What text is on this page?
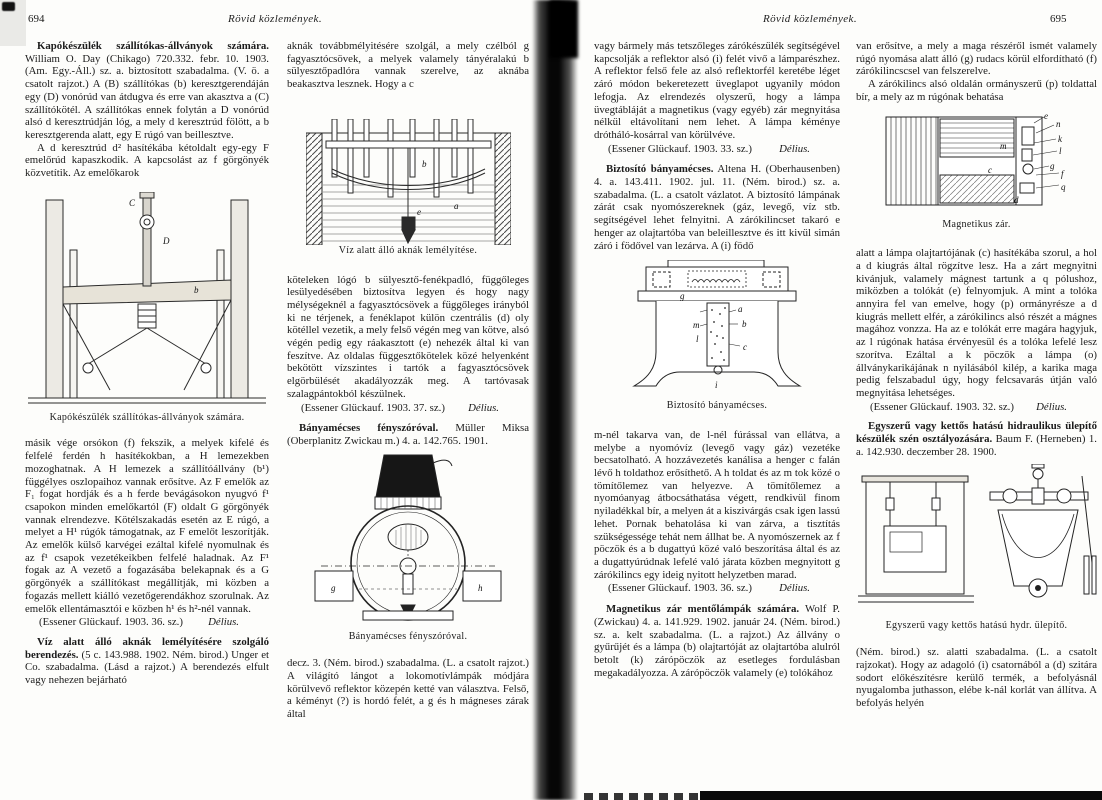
694	Rövid közlemények.	Rövid közlemények.	695

Kapókészülék szállítókas-állványok számára. William O. Day (Chikago) 720.332. febr. 10. 1903. (Am. Egy.-Áll.) sz. a. biztosított szabadalma. (V. ö. a csatolt rajzot.) A (B) szállítókas (b) keresztgerendáján egy (D) vonórúd van átdugva és erre van akasztva a (C) szállítókötél. A szállítókas ennek folytán a D vonórúd alsó d keresztrúdján lóg, a mely d keresztrúd fölött, a b keresztgerenda alatt, egy E rúgó van beillesztve.

A d keresztrúd d² hasítékába kétoldalt egy-egy F emelőrúd kapaszkodik. A kapcsolást az f görgönyék közvetítik. Az emelőkarok

C
D
b

Kapókészülék szállítókas-állványok számára.

másik vége orsókon (f) fekszik, a melyek kifelé és felfelé ferdén h hasítékokban, a H lemezekben mozoghatnak. A H lemezek a szállítóállvány (b¹) függélyes oszlopaihoz vannak erősítve. Az F emelők az F₁ fogat hordják és a h ferde bevágásokon nyugvó f¹ csapokon minden emelőkartól (F) oldalt G görgönyék vannak elrendezve. Kötélszakadás esetén az E rúgó, a melyet a H¹ rúgók támogatnak, az F emelőt leszorítják. Az emelők külső karvégei ezáltal kifelé nyomulnak és az f¹ csapok vezetékeikben felfelé haladnak. Az F¹ fogak az A vezető a fogazásába belekapnak és a G görgönyék a szállítókast megállítják, mi közben a fogazás mellett kiálló vezetőgerendákhoz szorulnak. Az emelők ellentámasztói e közben h¹ és h²-nél vannak.

(Essener Glückauf. 1903. 36. sz.) Délius.

Víz alatt álló aknák lemélyítésére szolgáló berendezés. (5 c. 143.988. 1902. Ném. birod.) Unger et Co. szabadalma. (Lásd a rajzot.) A berendezés elfult vagy nehezen bejárható

aknák továbbmélyitésére szolgál, a mely czélból g fagyasztócsövek, a melyek valamely tányéralakú b sülyesztőpadlóra vannak szerelve, az aknába beakasztva lesznek. Hogy a c

b
a
e

Víz alatt álló aknák lemélyítése.

köteleken lógó b sülyesztő-fenékpadló, függőleges lesülyedésében biztosítva legyen és hogy nagy mélységeknél a fagyasztócsövek a függőleges irányból ki ne térjenek, a fenéklapot külön czentrális (d) oly kötéllel vezetik, a mely felső végén meg van kötve, alsó végén pedig egy ráakasztott (e) nehezék által ki van feszítve. Az oldalas függesztőkötelek közé helyenként bekötött vízszintes i tartók a fagyasztócsövek elgörbülését akadályozzák meg. A tartóvasak szalagpántokból készülnek.

(Essener Glückauf. 1903. 37. sz.) Délius.

Bányamécses fényszóróval. Müller Miksa (Oberplanitz Zwickau m.) 4. a. 142.765. 1901.

g	h

Bányamécses fényszóróval.

decz. 3. (Ném. birod.) szabadalma. (L. a csatolt rajzot.) A világító lángot a lokomotívlámpák módjára körülvevő reflektor közepén ketté van választva. Felső, a kéményt (?) is hordó felét, a g és h mágneses zárak által

vagy bármely más tetszőleges zárókészülék segítségével kapcsolják a reflektor alsó (i) felét vivő a lámparészhez. A reflektor felső fele az alsó reflektorfél keretébe léget záró módon bekeretezett üveglapot ugyanily módon lefogja. Az elrendezés olyszerű, hogy a lámpa üvegtábláját a magnetikus (vagy egyéb) zár megnyitása nélkül eltávolítani nem lehet. A lámpa kéménye drótháló-kosárral van körülvéve.

(Essener Glückauf. 1903. 33. sz.)	Délius.

Biztosító bányamécses. Altena H. (Oberhausenben) 4. a. 143.411. 1902. jul. 11. (Ném. birod.) sz. a. szabadalma. (L. a csatolt vázlatot. A biztosító lámpának zárát csak nyomószereknek (gáz, levegő, víz stb. segítségével lehet felnyitni. A zárókilincset takaró e henger az olajtartóba van beleillesztve és itt kivül simán záró i födővel van lezárva. A (i) födő

g
a
b
m
l
c
i

Biztosító bányamécses.

m-nél takarva van, de l-nél fúrással van ellátva, a melybe a nyomóvíz (levegő vagy gáz) vezetéke becsatolható. A hozzávezetés kanálisa a henger c falán lévő h toldathoz erősíthető. A h toldat és az m tok közé o tömítőlemez van helyezve. A tömítőlemez a nyomóanyag átbocsáthatása végett, rendkivül finom nyiladékkal bír, a melyen át a kiszivárgás csak igen lassú lehet. Pornak behatolása ki van zárva, a tisztítás szükségessége tehát nem állhat be. A nyomószernek az f pöczök és a b dugattyú közé való beszorítása által és az a dugattyúrúdnak lefelé való járata közben megnyitott g zárókilincs egy ideig nyitott helyzetben marad.

(Essener Glückauf. 1903. 36. sz.)	Délius.

Magnetikus zár mentőlámpák számára. Wolf P. (Zwickau) 4. a. 141.929. 1902. január 24. (Ném. birod.) sz. a. kelt szabadalma. (L. a rajzot.) Az állvány o gyűrűjét és a lámpa (b) olajtartóját az olajtartóba alulról betolt (k) zárópöczök az esetleges fordulásban megakadályozza. A zárópöczök valamely (e) tolókához

van erősítve, a mely a maga részéről ismét valamely rúgó nyomása alatt álló (g) rudacs körül elfordítható (f) zárókilincscsel van felszerelve.

A zárókilincs alsó oldalán ormányszerű (p) toldattal bír, a mely az m rúgónak behatása

e
n
k
l
g
f
q
m
c
d

Magnetikus zár.

alatt a lámpa olajtartójának (c) hasítékába szorul, a hol a d kiugrás által rögzítve lesz. Ha a zárt megnyitni kivánjuk, valamely mágnest tartunk a q pólushoz, miközben a tolókát (e) felnyomjuk. A mint a tolóka annyira fel van emelve, hogy (p) ormányrésze a d kiugrás mellett elfér, a zárókilincs alsó részét a mágnes magához vonzza. Ha az e tolókát erre magára hagyjuk, az l rúgónak hatása érvényesül és a tolóka lefelé lesz szorítva. Ezáltal a k pöczök a lámpa (o) állványkarikájának n nyilásából kilép, a karika maga pedig felszabadul úgy, hogy felcsavarás útján való megnyitása lehetséges.

(Essener Glückauf. 1903. 32. sz.) Délius.

Egyszerű vagy kettős hatású hidraulikus ülepítő készülék szén osztályozására. Baum F. (Herneben) 1. a. 142.930. deczember 28. 1900.

Egyszerű vagy kettős hatású hydr. ülepítő.

(Ném. birod.) sz. alatti szabadalma. (L. a csatolt rajzokat). Hogy az adagoló (i) csatornából a (d) szitára sodort előkészítésre kerülő termék, a befolyásnál nyugalomba juthasson, elébe k-nál korlát van állítva. A befolyás helyén
